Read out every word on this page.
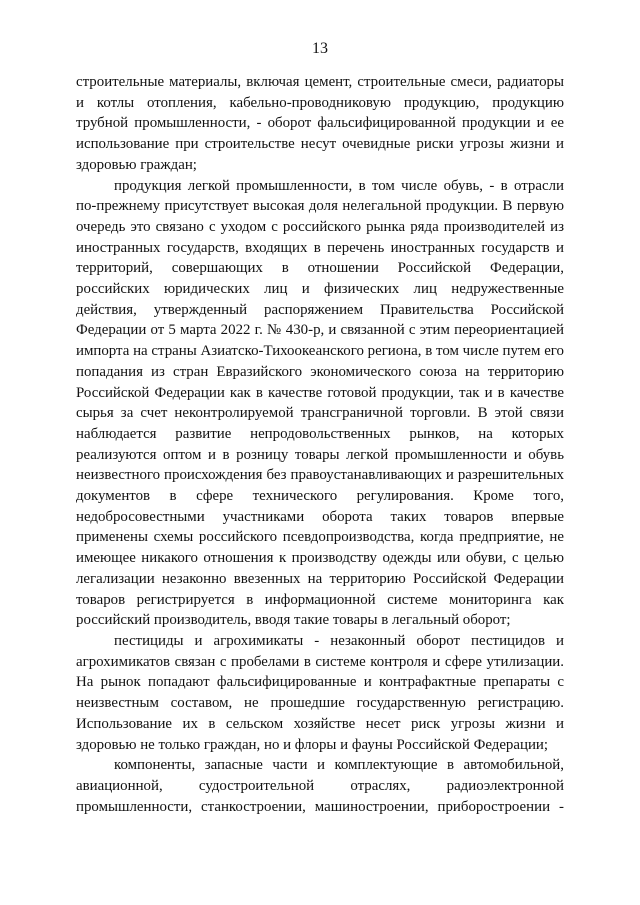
13

строительные материалы, включая цемент, строительные смеси, радиаторы и котлы отопления, кабельно-проводниковую продукцию, продукцию трубной промышленности, - оборот фальсифицированной продукции и ее использование при строительстве несут очевидные риски угрозы жизни и здоровью граждан;

продукция легкой промышленности, в том числе обувь, - в отрасли по-прежнему присутствует высокая доля нелегальной продукции. В первую очередь это связано с уходом с российского рынка ряда производителей из иностранных государств, входящих в перечень иностранных государств и территорий, совершающих в отношении Российской Федерации, российских юридических лиц и физических лиц недружественные действия, утвержденный распоряжением Правительства Российской Федерации от 5 марта 2022 г. № 430-р, и связанной с этим переориентацией импорта на страны Азиатско-Тихоокеанского региона, в том числе путем его попадания из стран Евразийского экономического союза на территорию Российской Федерации как в качестве готовой продукции, так и в качестве сырья за счет неконтролируемой трансграничной торговли. В этой связи наблюдается развитие непродовольственных рынков, на которых реализуются оптом и в розницу товары легкой промышленности и обувь неизвестного происхождения без правоустанавливающих и разрешительных документов в сфере технического регулирования. Кроме того, недобросовестными участниками оборота таких товаров впервые применены схемы российского псевдопроизводства, когда предприятие, не имеющее никакого отношения к производству одежды или обуви, с целью легализации незаконно ввезенных на территорию Российской Федерации товаров регистрируется в информационной системе мониторинга как российский производитель, вводя такие товары в легальный оборот;

пестициды и агрохимикаты - незаконный оборот пестицидов и агрохимикатов связан с пробелами в системе контроля и сфере утилизации. На рынок попадают фальсифицированные и контрафактные препараты с неизвестным составом, не прошедшие государственную регистрацию. Использование их в сельском хозяйстве несет риск угрозы жизни и здоровью не только граждан, но и флоры и фауны Российской Федерации;

компоненты, запасные части и комплектующие в автомобильной, авиационной, судостроительной отраслях, радиоэлектронной промышленности, станкостроении, машиностроении, приборостроении -
